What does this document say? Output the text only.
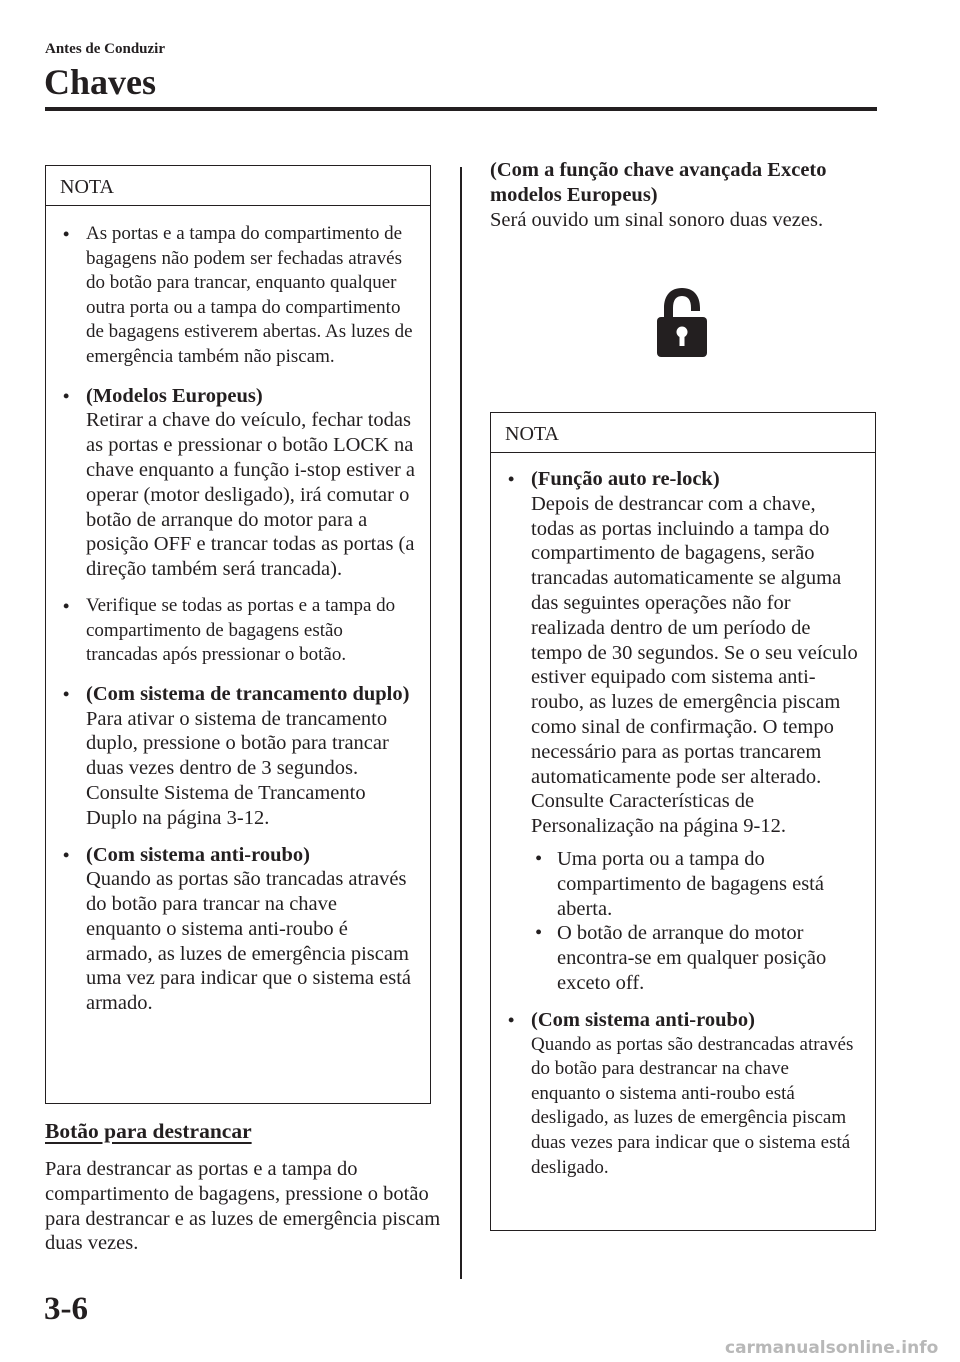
Antes de Conduzir
Chaves
NOTA
• As portas e a tampa do compartimento de bagagens não podem ser fechadas através do botão para trancar, enquanto qualquer outra porta ou a tampa do compartimento de bagagens estiverem abertas. As luzes de emergência também não piscam.
• (Modelos Europeus)
Retirar a chave do veículo, fechar todas as portas e pressionar o botão LOCK na chave enquanto a função i-stop estiver a operar (motor desligado), irá comutar o botão de arranque do motor para a posição OFF e trancar todas as portas (a direção também será trancada).
• Verifique se todas as portas e a tampa do compartimento de bagagens estão trancadas após pressionar o botão.
• (Com sistema de trancamento duplo)
Para ativar o sistema de trancamento duplo, pressione o botão para trancar duas vezes dentro de 3 segundos. Consulte Sistema de Trancamento Duplo na página 3-12.
• (Com sistema anti-roubo)
Quando as portas são trancadas através do botão para trancar na chave enquanto o sistema anti-roubo é armado, as luzes de emergência piscam uma vez para indicar que o sistema está armado.
Botão para destrancar
Para destrancar as portas e a tampa do compartimento de bagagens, pressione o botão para destrancar e as luzes de emergência piscam duas vezes.
(Com a função chave avançada Exceto modelos Europeus)
Será ouvido um sinal sonoro duas vezes.
NOTA
• (Função auto re-lock)
Depois de destrancar com a chave, todas as portas incluindo a tampa do compartimento de bagagens, serão trancadas automaticamente se alguma das seguintes operações não for realizada dentro de um período de tempo de 30 segundos. Se o seu veículo estiver equipado com sistema anti-roubo, as luzes de emergência piscam como sinal de confirmação. O tempo necessário para as portas trancarem automaticamente pode ser alterado. Consulte Características de Personalização na página 9-12.
• Uma porta ou a tampa do compartimento de bagagens está aberta.
• O botão de arranque do motor encontra-se em qualquer posição exceto off.
• (Com sistema anti-roubo)
Quando as portas são destrancadas através do botão para destrancar na chave enquanto o sistema anti-roubo está desligado, as luzes de emergência piscam duas vezes para indicar que o sistema está desligado.
3-6
carmanualsonline.info
